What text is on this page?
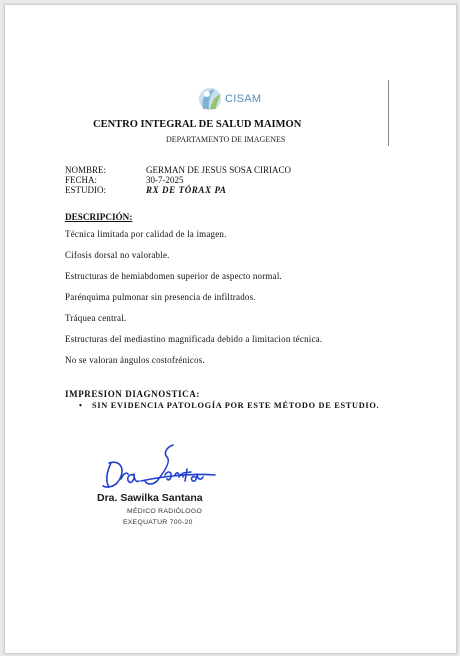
CISAM
CENTRO INTEGRAL DE SALUD MAIMON
DEPARTAMENTO DE IMAGENES
NOMBRE:	GERMAN DE JESUS SOSA CIRIACO
FECHA:	30-7-2025
ESTUDIO:	RX DE TÓRAX PA
DESCRIPCIÓN:
Técnica limitada por calidad de la imagen.
Cifosis dorsal no valorable.
Estructuras de hemiabdomen superior de aspecto normal.
Parénquima pulmonar sin presencia de infiltrados.
Tráquea central.
Estructuras del mediastino magnificada debido a limitacion técnica.
No se valoran ángulos costofrénicos.
IMPRESION DIAGNOSTICA:
• SIN EVIDENCIA PATOLOGÍA POR ESTE MÉTODO DE ESTUDIO.
Dra. Sawilka Santana
MÉDICO RADIÓLOGO
EXEQUATUR 700-20
